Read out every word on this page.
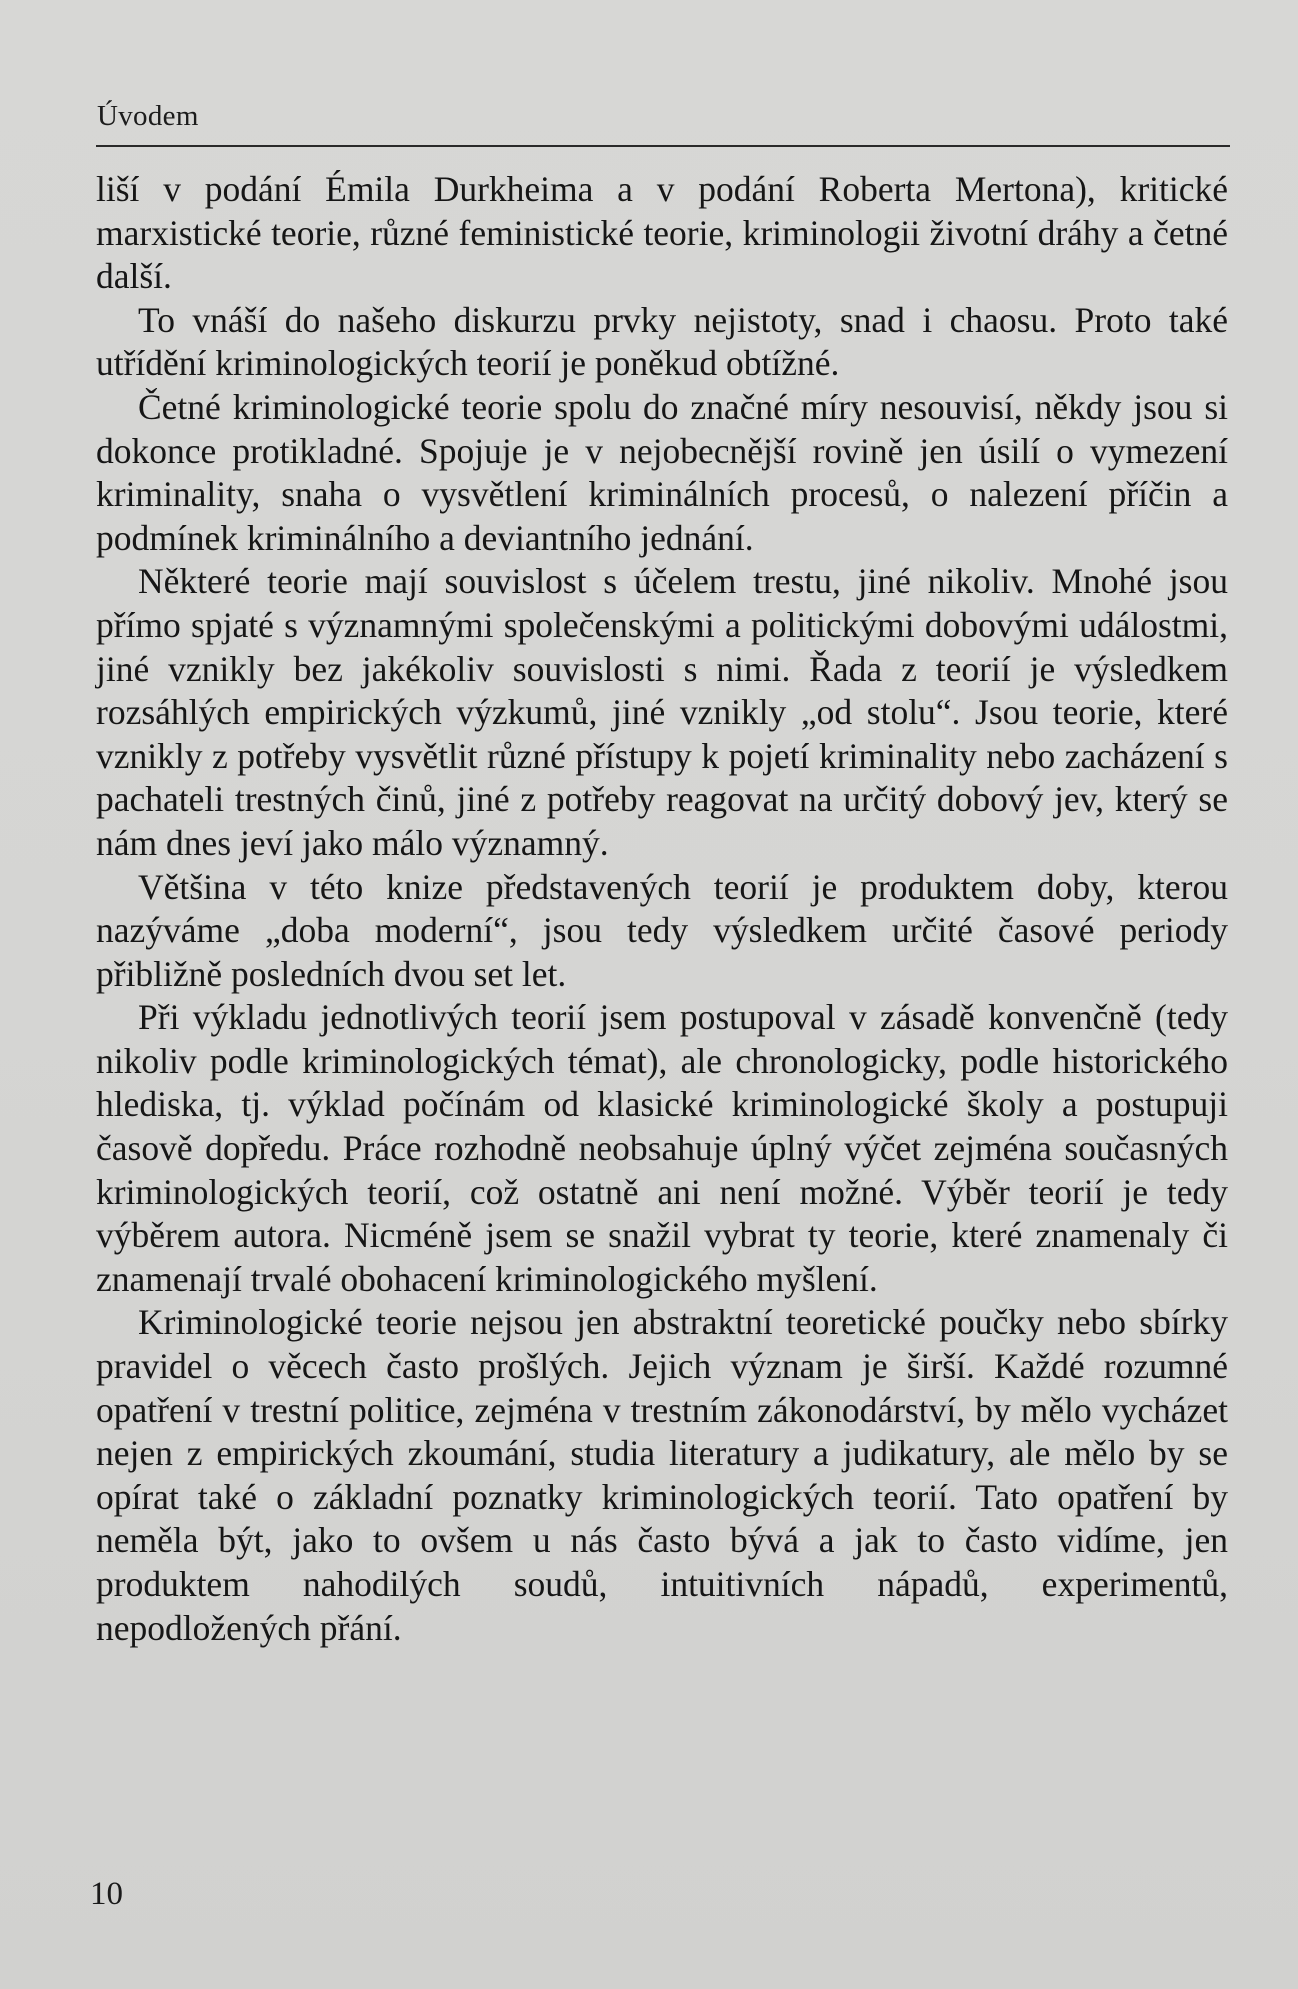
Úvodem

liší v podání Émila Durkheima a v podání Roberta Mertona), kritické marxistické teorie, různé feministické teorie, kriminologii životní dráhy a četné další.

To vnáší do našeho diskurzu prvky nejistoty, snad i chaosu. Proto také utřídění kriminologických teorií je poněkud obtížné.

Četné kriminologické teorie spolu do značné míry nesouvisí, někdy jsou si dokonce protikladné. Spojuje je v nejobecnější rovině jen úsilí o vymezení kriminality, snaha o vysvětlení kriminálních procesů, o nalezení příčin a podmínek kriminálního a deviantního jednání.

Některé teorie mají souvislost s účelem trestu, jiné nikoliv. Mnohé jsou přímo spjaté s významnými společenskými a politickými dobovými událostmi, jiné vznikly bez jakékoliv souvislosti s nimi. Řada z teorií je výsledkem rozsáhlých empirických výzkumů, jiné vznikly „od stolu“. Jsou teorie, které vznikly z potřeby vysvětlit různé přístupy k pojetí kriminality nebo zacházení s pachateli trestných činů, jiné z potřeby reagovat na určitý dobový jev, který se nám dnes jeví jako málo významný.

Většina v této knize představených teorií je produktem doby, kterou nazýváme „doba moderní“, jsou tedy výsledkem určité časové periody přibližně posledních dvou set let.

Při výkladu jednotlivých teorií jsem postupoval v zásadě konvenčně (tedy nikoliv podle kriminologických témat), ale chronologicky, podle historického hlediska, tj. výklad počínám od klasické kriminologické školy a postupuji časově dopředu. Práce rozhodně neobsahuje úplný výčet zejména současných kriminologických teorií, což ostatně ani není možné. Výběr teorií je tedy výběrem autora. Nicméně jsem se snažil vybrat ty teorie, které znamenaly či znamenají trvalé obohacení kriminologického myšlení.

Kriminologické teorie nejsou jen abstraktní teoretické poučky nebo sbírky pravidel o věcech často prošlých. Jejich význam je širší. Každé rozumné opatření v trestní politice, zejména v trestním zákonodárství, by mělo vycházet nejen z empirických zkoumání, studia literatury a judikatury, ale mělo by se opírat také o základní poznatky kriminologických teorií. Tato opatření by neměla být, jako to ovšem u nás často bývá a jak to často vidíme, jen produktem nahodilých soudů, intuitivních nápadů, experimentů, nepodložených přání.

10
